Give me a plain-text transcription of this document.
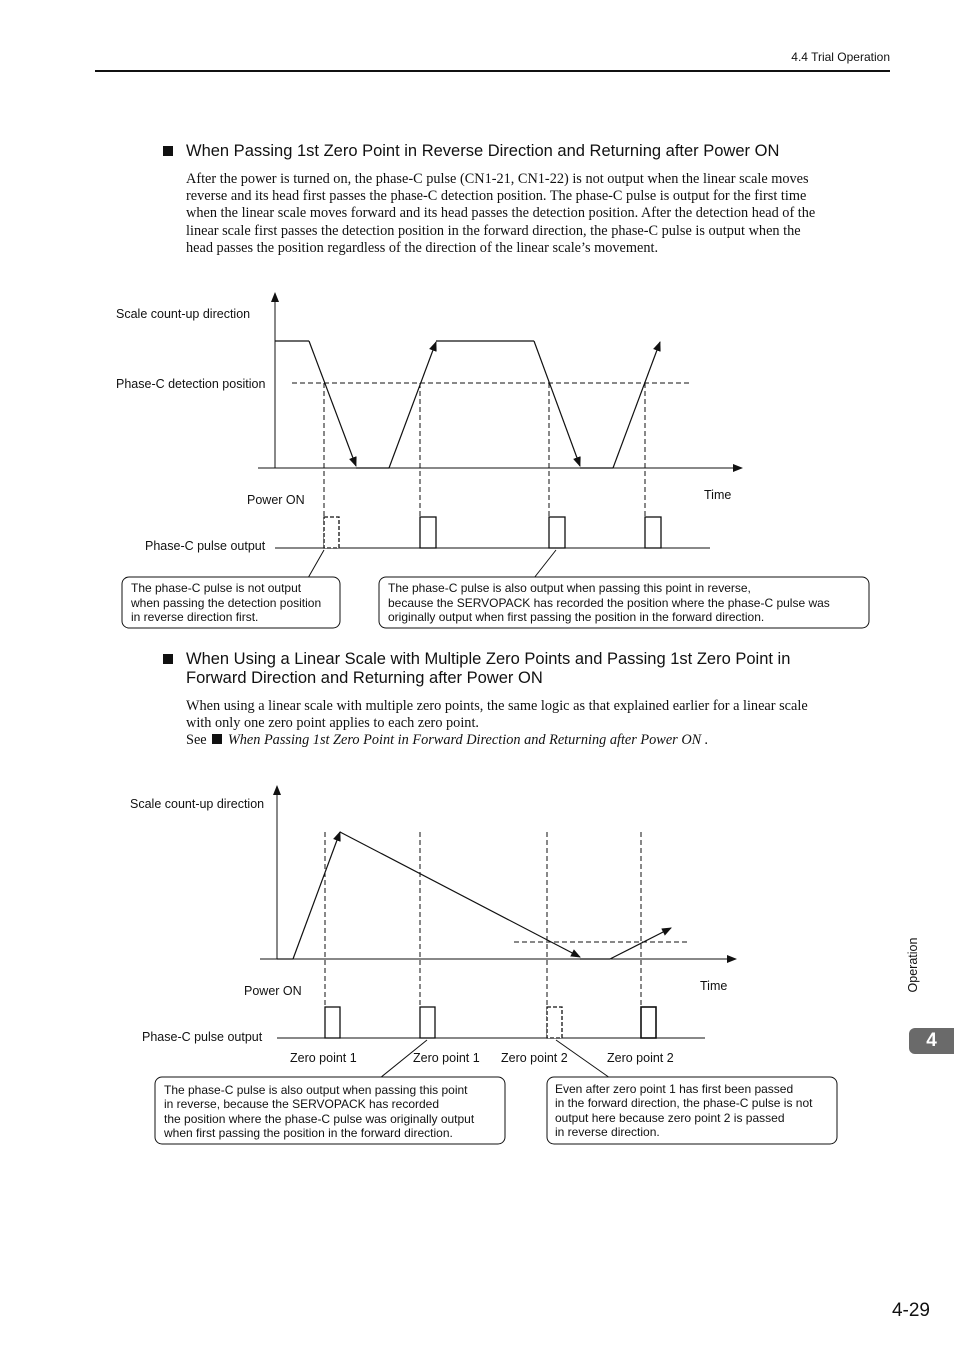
4.4 Trial Operation
When Passing 1st Zero Point in Reverse Direction and Returning after Power ON
After the power is turned on, the phase-C pulse (CN1-21, CN1-22) is not output when the linear scale moves
reverse and its head first passes the phase-C detection position. The phase-C pulse is output for the first time
when the linear scale moves forward and its head passes the detection position. After the detection head of the
linear scale first passes the detection position in the forward direction, the phase-C pulse is output when the
head passes the position regardless of the direction of the linear scale’s movement.
Scale count-up direction
Phase-C detection position
Power ON	Time
Phase-C pulse output
The phase-C pulse is not output
when passing the detection position
in reverse direction first.
The phase-C pulse is also output when passing this point in reverse,
because the SERVOPACK has recorded the position where the phase-C pulse was
originally output when first passing the position in the forward direction.
When Using a Linear Scale with Multiple Zero Points and Passing 1st Zero Point in
Forward Direction and Returning after Power ON
When using a linear scale with multiple zero points, the same logic as that explained earlier for a linear scale
with only one zero point applies to each zero point.
See When Passing 1st Zero Point in Forward Direction and Returning after Power ON .
Scale count-up direction
Power ON	Time
Phase-C pulse output
Zero point 1	Zero point 1 Zero point 2	Zero point 2
The phase-C pulse is also output when passing this point
in reverse, because the SERVOPACK has recorded
the position where the phase-C pulse was originally output
when first passing the position in the forward direction.
Even after zero point 1 has first been passed
in the forward direction, the phase-C pulse is not
output here because zero point 2 is passed
in reverse direction.
Operation
4
4-29
